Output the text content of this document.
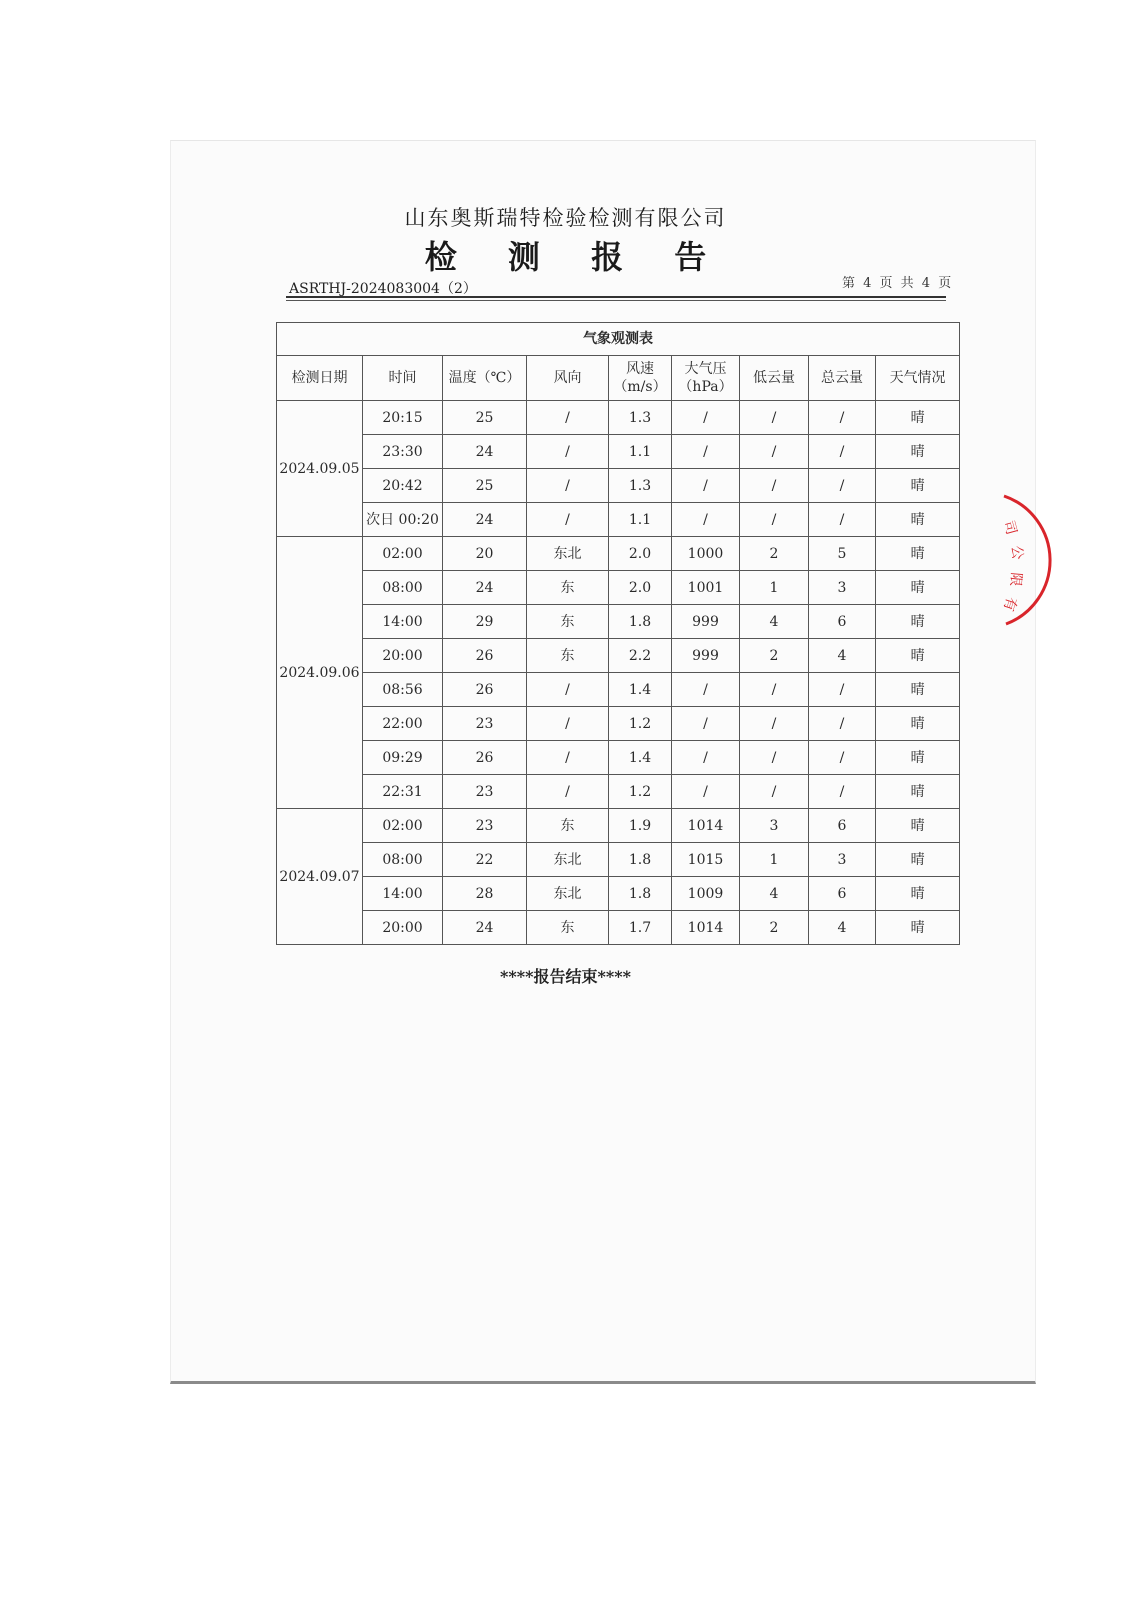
山东奥斯瑞特检验检测有限公司
检 测 报 告
ASRTHJ-2024083004（2）	第 4 页 共 4 页
气象观测表								
检测日期	时间	温度（℃）	风向	风速（m/s）	大气压（hPa）	低云量	总云量	天气情况
2024.09.05	20:15	25	/	1.3	/	/	/	晴
	23:30	24	/	1.1	/	/	/	晴
	20:42	25	/	1.3	/	/	/	晴
	次日 00:20	24	/	1.1	/	/	/	晴
2024.09.06	02:00	20	东北	2.0	1000	2	5	晴
	08:00	24	东	2.0	1001	1	3	晴
	14:00	29	东	1.8	999	4	6	晴
	20:00	26	东	2.2	999	2	4	晴
	08:56	26	/	1.4	/	/	/	晴
	22:00	23	/	1.2	/	/	/	晴
	09:29	26	/	1.4	/	/	/	晴
	22:31	23	/	1.2	/	/	/	晴
2024.09.07	02:00	23	东	1.9	1014	3	6	晴
	08:00	22	东北	1.8	1015	1	3	晴
	14:00	28	东北	1.8	1009	4	6	晴
	20:00	24	东	1.7	1014	2	4	晴
****报告结束****
司
公
限
有
